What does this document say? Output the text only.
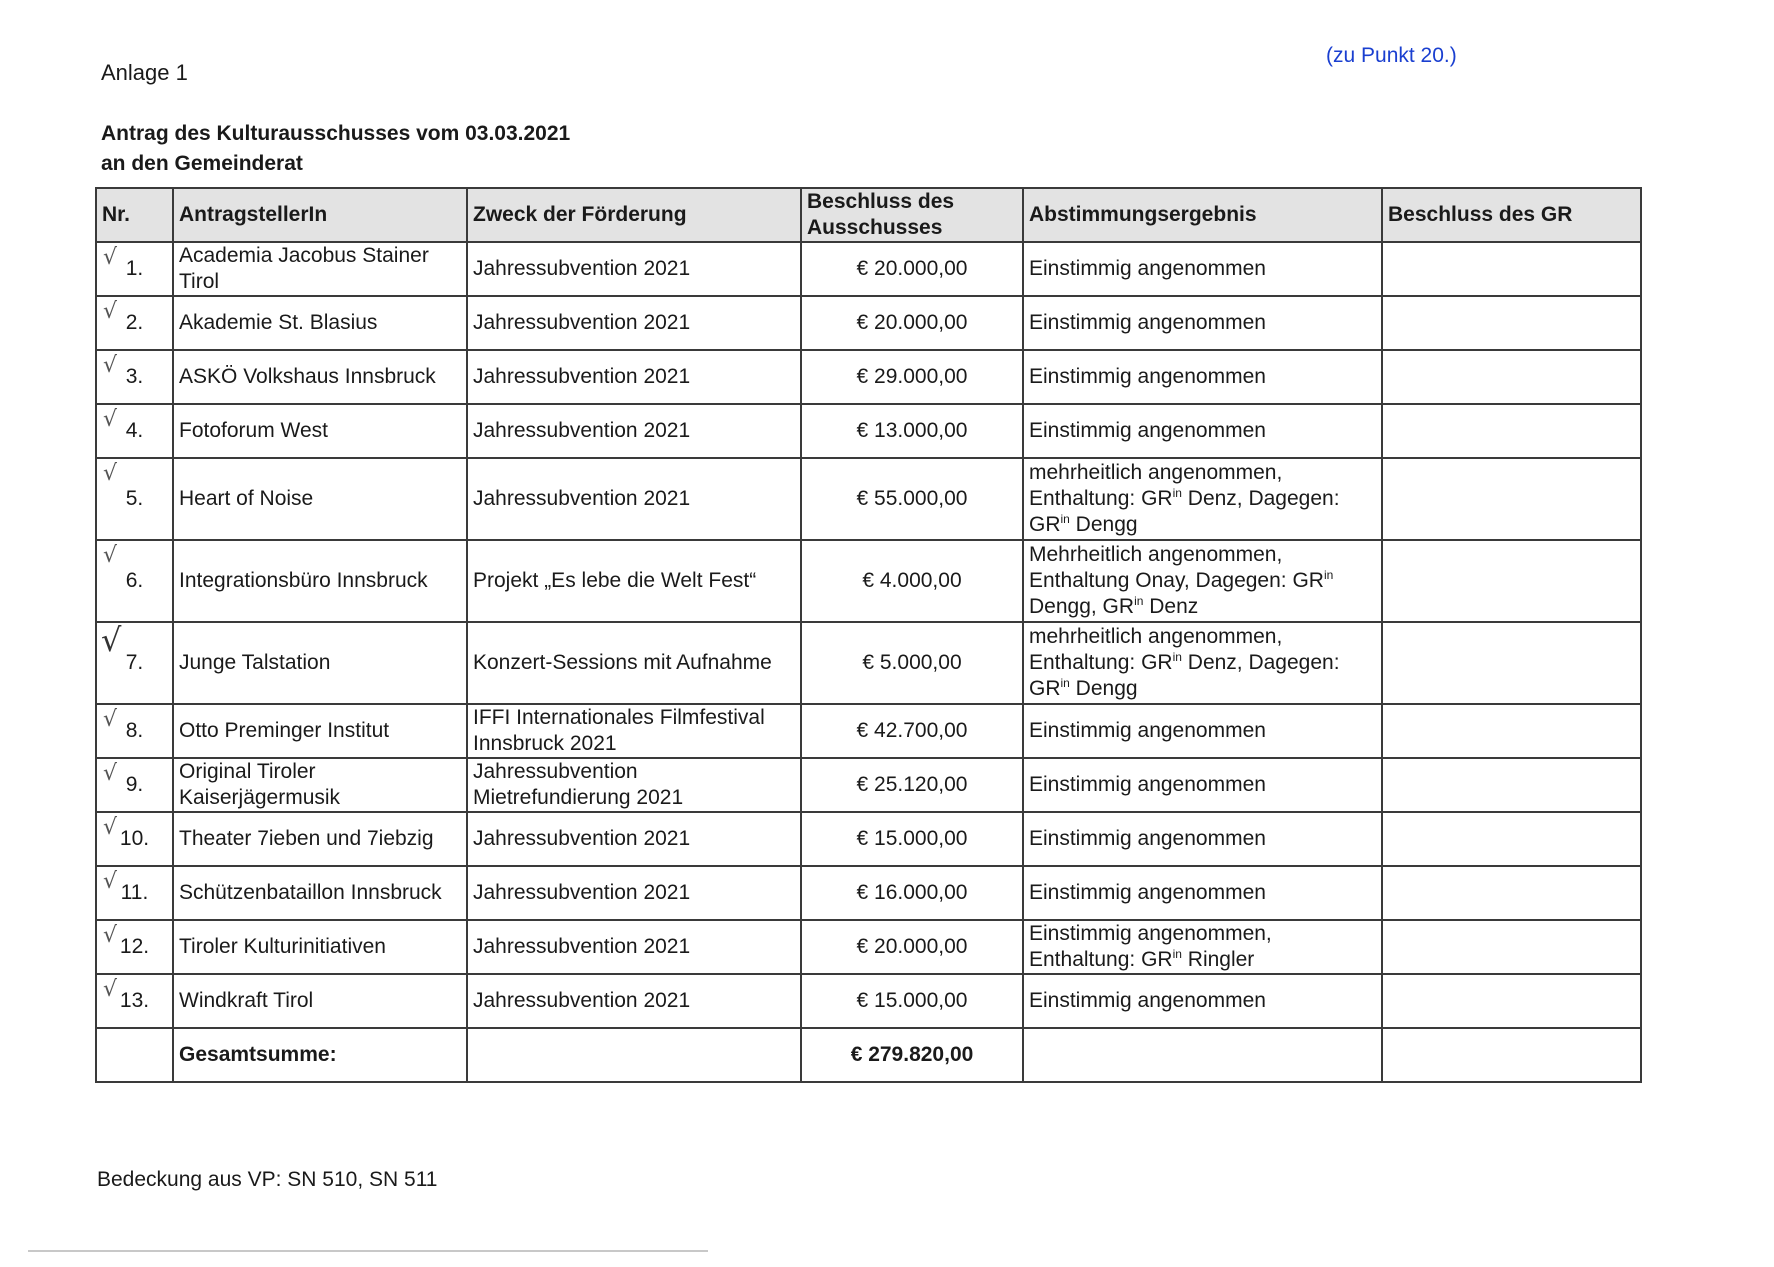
Anlage 1
(zu Punkt 20.)
Antrag des Kulturausschusses vom 03.03.2021
an den Gemeinderat
Nr.	AntragstellerIn	Zweck der Förderung	Beschluss des Ausschusses	Abstimmungsergebnis	Beschluss des GR

√ 1.	Academia Jacobus Stainer Tirol	Jahressubvention 2021	€ 20.000,00	Einstimmig angenommen	

√ 2.	Akademie St. Blasius	Jahressubvention 2021	€ 20.000,00	Einstimmig angenommen	

√ 3.	ASKÖ Volkshaus Innsbruck	Jahressubvention 2021	€ 29.000,00	Einstimmig angenommen	

√ 4.	Fotoforum West	Jahressubvention 2021	€ 13.000,00	Einstimmig angenommen	

√
5.	Heart of Noise	Jahressubvention 2021	€ 55.000,00	mehrheitlich angenommen, Enthaltung: $GR^{in}$ Denz, Dagegen: $GR^{in}$ Dengg	

√
6.	Integrationsbüro Innsbruck	Projekt „Es lebe die Welt Fest“	€ 4.000,00	Mehrheitlich angenommen, Enthaltung Onay, Dagegen: $GR^{in}$ Dengg, $GR^{in}$ Denz	

√
7.	Junge Talstation	Konzert-Sessions mit Aufnahme	€ 5.000,00	mehrheitlich angenommen, Enthaltung: $GR^{in}$ Denz, Dagegen: $GR^{in}$ Dengg	

√ 8.	Otto Preminger Institut	IFFI Internationales Filmfestival Innsbruck 2021	€ 42.700,00	Einstimmig angenommen	

√ 9.	Original Tiroler Kaiserjägermusik	Jahressubvention Mietrefundierung 2021	€ 25.120,00	Einstimmig angenommen	

√ 10.	Theater 7ieben und 7iebzig	Jahressubvention 2021	€ 15.000,00	Einstimmig angenommen	

√ 11.	Schützenbataillon Innsbruck	Jahressubvention 2021	€ 16.000,00	Einstimmig angenommen	

√ 12.	Tiroler Kulturinitiativen	Jahressubvention 2021	€ 20.000,00	Einstimmig angenommen, Enthaltung: $GR^{in}$ Ringler	

√ 13.	Windkraft Tirol	Jahressubvention 2021	€ 15.000,00	Einstimmig angenommen	
	Gesamtsumme:		€ 279.820,00		
Bedeckung aus VP: SN 510, SN 511
